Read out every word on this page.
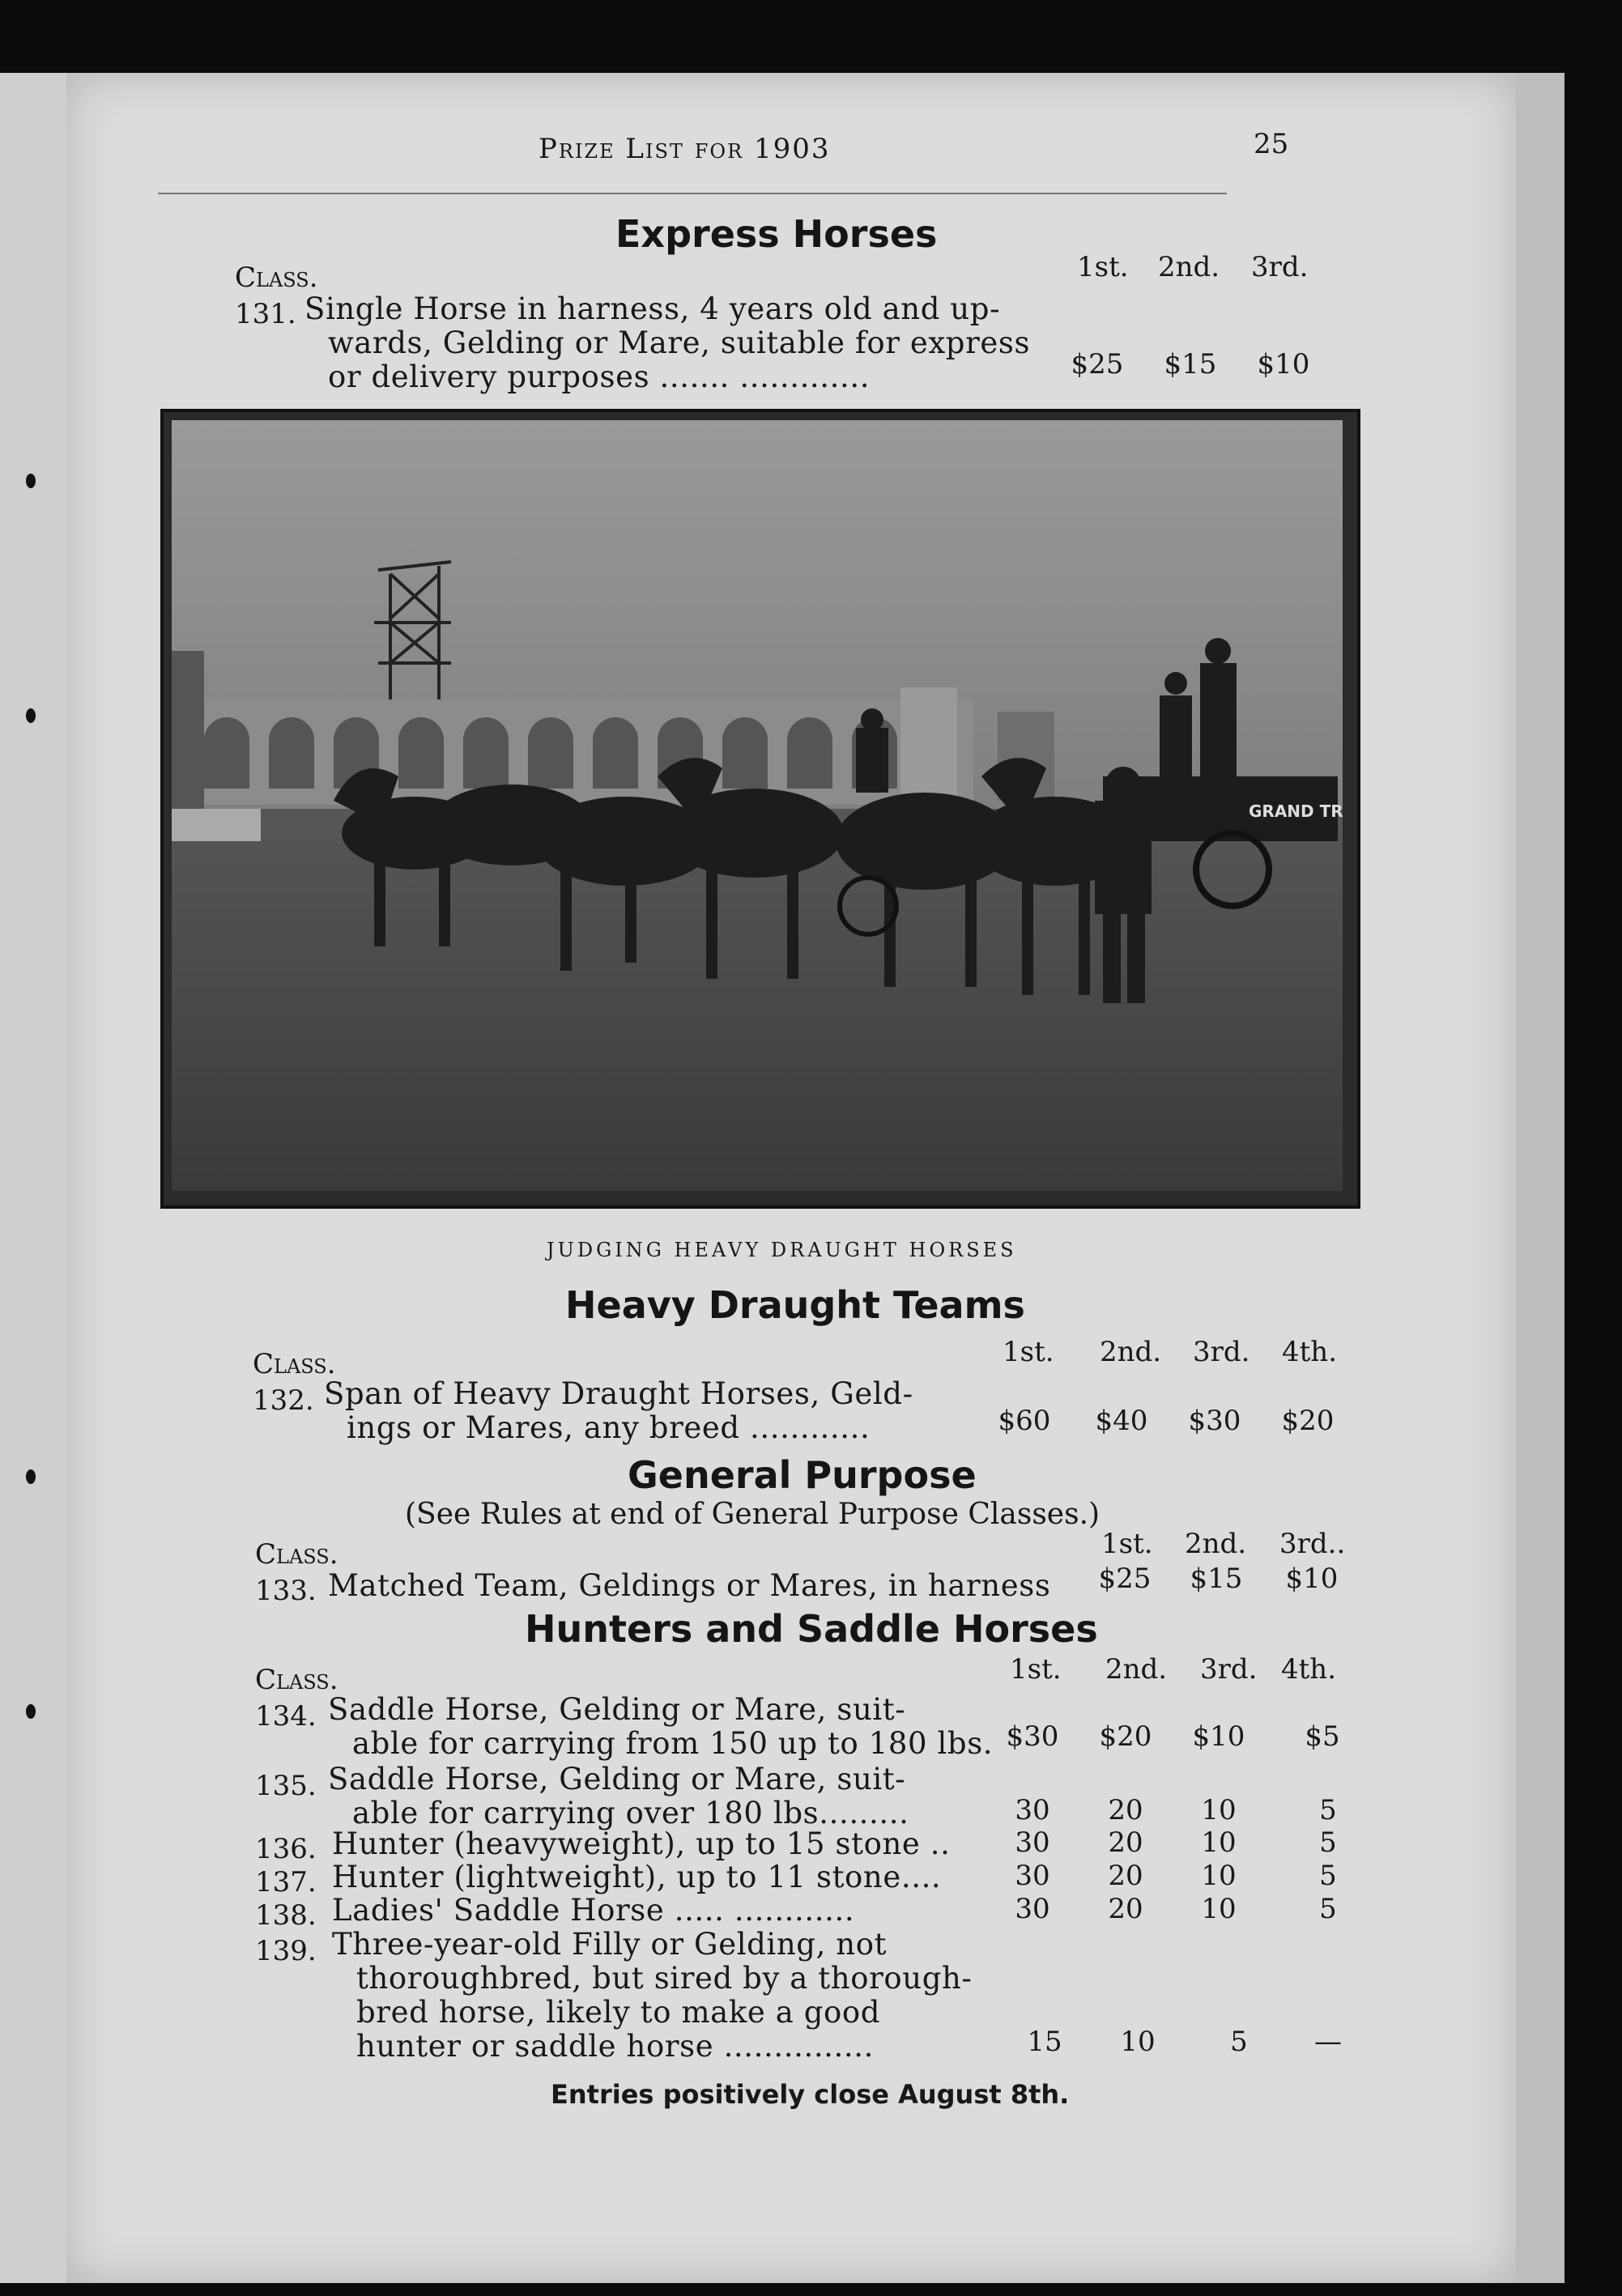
Prize List for 1903	25
Express Horses
Class.	1st. 2nd. 3rd.
131. Single Horse in harness, 4 years old and up-
wards, Gelding or Mare, suitable for express
or delivery purposes ....... .............	$25	$15	$10
GRAND TR
JUDGING HEAVY DRAUGHT HORSES
Heavy Draught Teams
Class.	1st. 2nd. 3rd. 4th.
132. Span of Heavy Draught Horses, Geld-
ings or Mares, any breed ............	$60	$40	$30	$20
General Purpose
(See Rules at end of General Purpose Classes.)
Class.	1st. 2nd. 3rd..
133. Matched Team, Geldings or Mares, in harness	$25	$15	$10
Hunters and Saddle Horses
Class.	1st. 2nd. 3rd. 4th.
134. Saddle Horse, Gelding or Mare, suit-
able for carrying from 150 up to 180 lbs. $30	$20	$10	$5
135. Saddle Horse, Gelding or Mare, suit-
able for carrying over 180 lbs.........	30	20	10	5
136. Hunter (heavyweight), up to 15 stone ..	30	20	10	5
137. Hunter (lightweight), up to 11 stone....	30	20	10	5
138. Ladies' Saddle Horse ..... ............	30	20	10	5
139. Three-year-old Filly or Gelding, not
thoroughbred, but sired by a thorough-
bred horse, likely to make a good
hunter or saddle horse ...............	15	10	5	—
Entries positively close August 8th.
